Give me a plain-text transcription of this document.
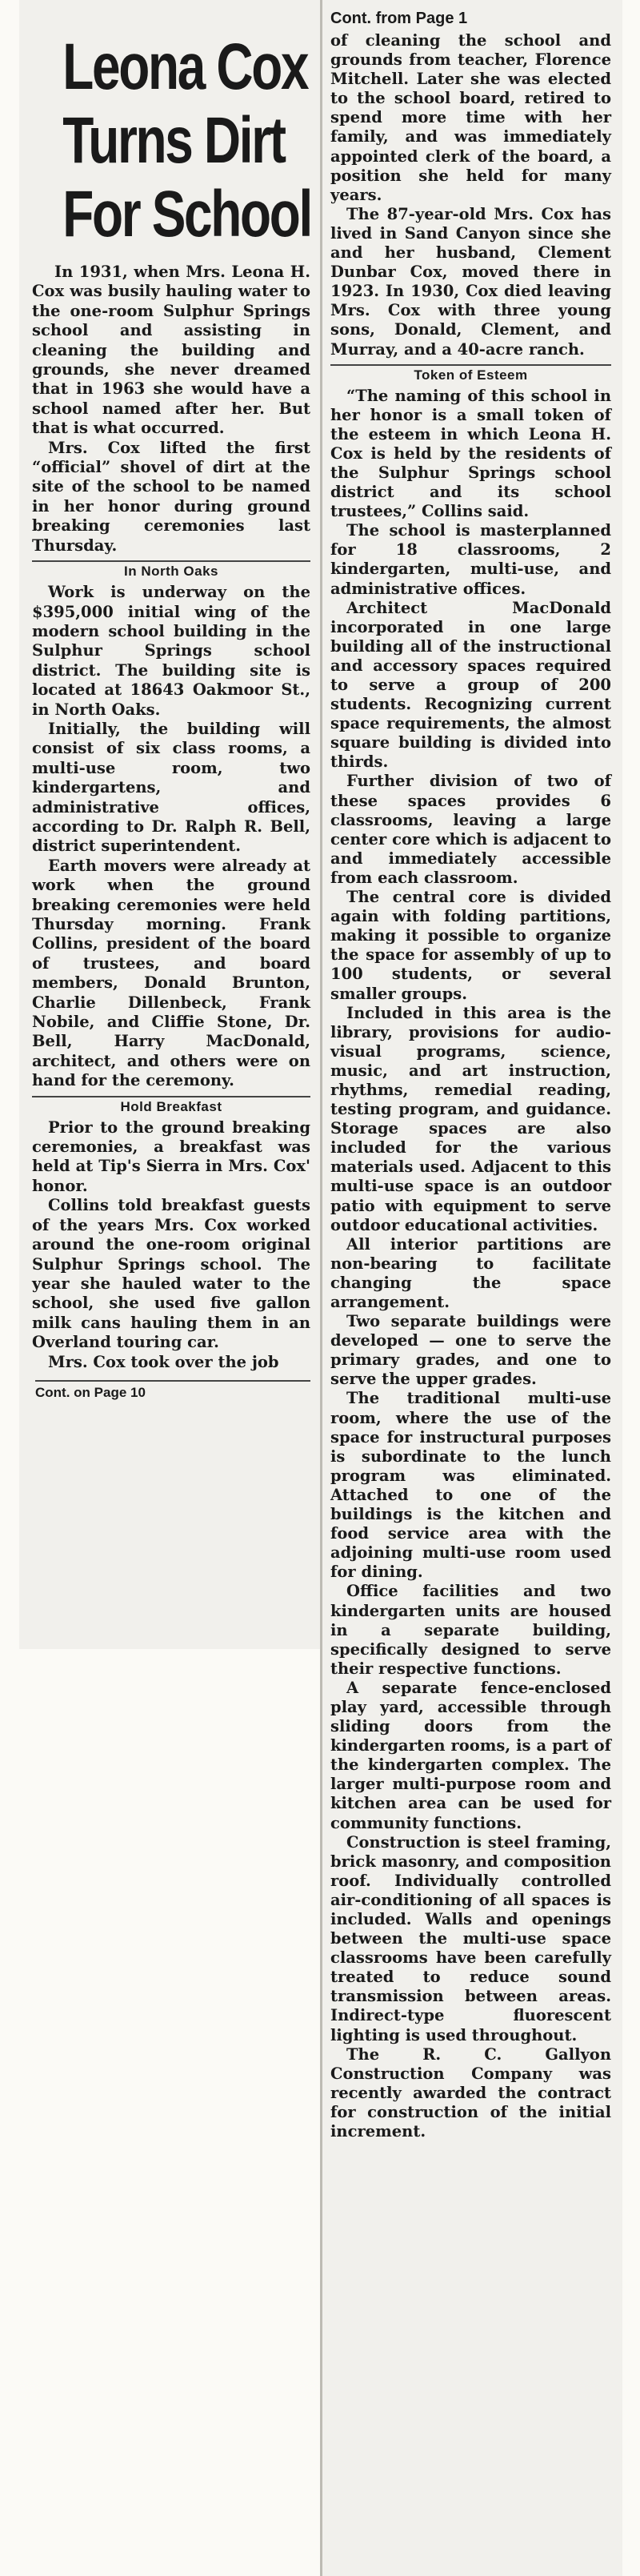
Leona Cox
Turns Dirt
For School

In 1931, when Mrs. Leona H. Cox was busily hauling water to the one-room Sulphur Springs school and assisting in cleaning the building and grounds, she never dreamed that in 1963 she would have a school named after her. But that is what occurred.

Mrs. Cox lifted the first “official” shovel of dirt at the site of the school to be named in her honor during ground breaking ceremonies last Thursday.

In North Oaks

Work is underway on the $395,000 initial wing of the modern school building in the Sulphur Springs school district. The building site is located at 18643 Oakmoor St., in North Oaks.

Initially, the building will consist of six class rooms, a multi-use room, two kindergartens, and administrative offices, according to Dr. Ralph R. Bell, district superintendent.

Earth movers were already at work when the ground breaking ceremonies were held Thursday morning. Frank Collins, president of the board of trustees, and board members, Donald Brunton, Charlie Dillenbeck, Frank Nobile, and Cliffie Stone, Dr. Bell, Harry MacDonald, architect, and others were on hand for the ceremony.

Hold Breakfast

Prior to the ground breaking ceremonies, a breakfast was held at Tip's Sierra in Mrs. Cox' honor.

Collins told breakfast guests of the years Mrs. Cox worked around the one-room original Sulphur Springs school. The year she hauled water to the school, she used five gallon milk cans hauling them in an Overland touring car.

Mrs. Cox took over the job

Cont. on Page 10
Cont. from Page 1

of cleaning the school and grounds from teacher, Florence Mitchell. Later she was elected to the school board, retired to spend more time with her family, and was immediately appointed clerk of the board, a position she held for many years.

The 87-year-old Mrs. Cox has lived in Sand Canyon since she and her husband, Clement Dunbar Cox, moved there in 1923. In 1930, Cox died leaving Mrs. Cox with three young sons, Donald, Clement, and Murray, and a 40-acre ranch.

Token of Esteem

“The naming of this school in her honor is a small token of the esteem in which Leona H. Cox is held by the residents of the Sulphur Springs school district and its school trustees,” Collins said.

The school is masterplanned for 18 classrooms, 2 kindergarten, multi-use, and administrative offices.

Architect MacDonald incorporated in one large building all of the instructional and accessory spaces required to serve a group of 200 students. Recognizing current space requirements, the almost square building is divided into thirds.

Further division of two of these spaces provides 6 classrooms, leaving a large center core which is adjacent to and immediately accessible from each classroom.

The central core is divided again with folding partitions, making it possible to organize the space for assembly of up to 100 students, or several smaller groups.

Included in this area is the library, provisions for audio-visual programs, science, music, and art instruction, rhythms, remedial reading, testing program, and guidance. Storage spaces are also included for the various materials used. Adjacent to this multi-use space is an outdoor patio with equipment to serve outdoor educational activities.

All interior partitions are non-bearing to facilitate changing the space arrangement.

Two separate buildings were developed — one to serve the primary grades, and one to serve the upper grades.

The traditional multi-use room, where the use of the space for instructural purposes is subordinate to the lunch program was eliminated. Attached to one of the buildings is the kitchen and food service area with the adjoining multi-use room used for dining.

Office facilities and two kindergarten units are housed in a separate building, specifically designed to serve their respective functions.

A separate fence-enclosed play yard, accessible through sliding doors from the kindergarten rooms, is a part of the kindergarten complex. The larger multi-purpose room and kitchen area can be used for community functions.

Construction is steel framing, brick masonry, and composition roof. Individually controlled air-conditioning of all spaces is included. Walls and openings between the multi-use space classrooms have been carefully treated to reduce sound transmission between areas. Indirect-type fluorescent lighting is used throughout.

The R. C. Gallyon Construction Company was recently awarded the contract for construction of the initial increment.
